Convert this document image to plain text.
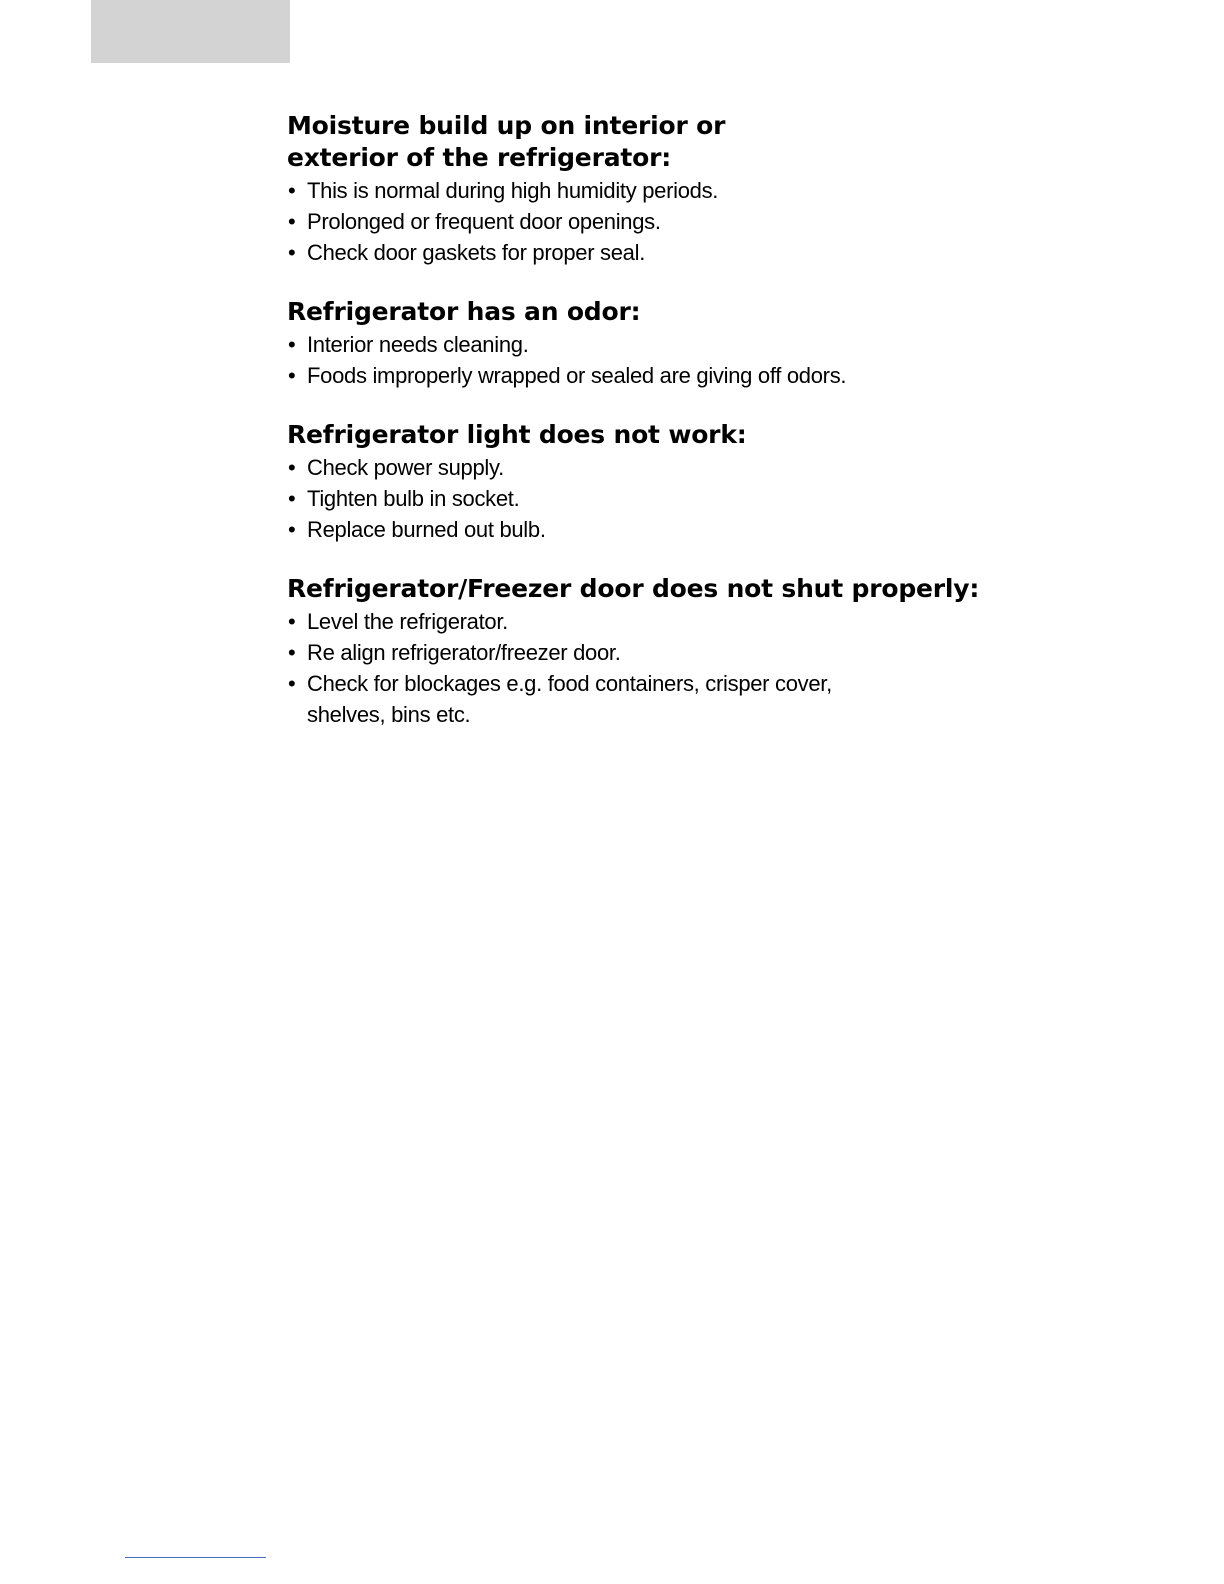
Moisture build up on interior or exterior of the refrigerator:
• This is normal during high humidity periods.
• Prolonged or frequent door openings.
• Check door gaskets for proper seal.
Refrigerator has an odor:
• Interior needs cleaning.
• Foods improperly wrapped or sealed are giving off odors.
Refrigerator light does not work:
• Check power supply.
• Tighten bulb in socket.
• Replace burned out bulb.
Refrigerator/Freezer door does not shut properly:
• Level the refrigerator.
• Re align refrigerator/freezer door.
• Check for blockages e.g. food containers, crisper cover, shelves, bins etc.
